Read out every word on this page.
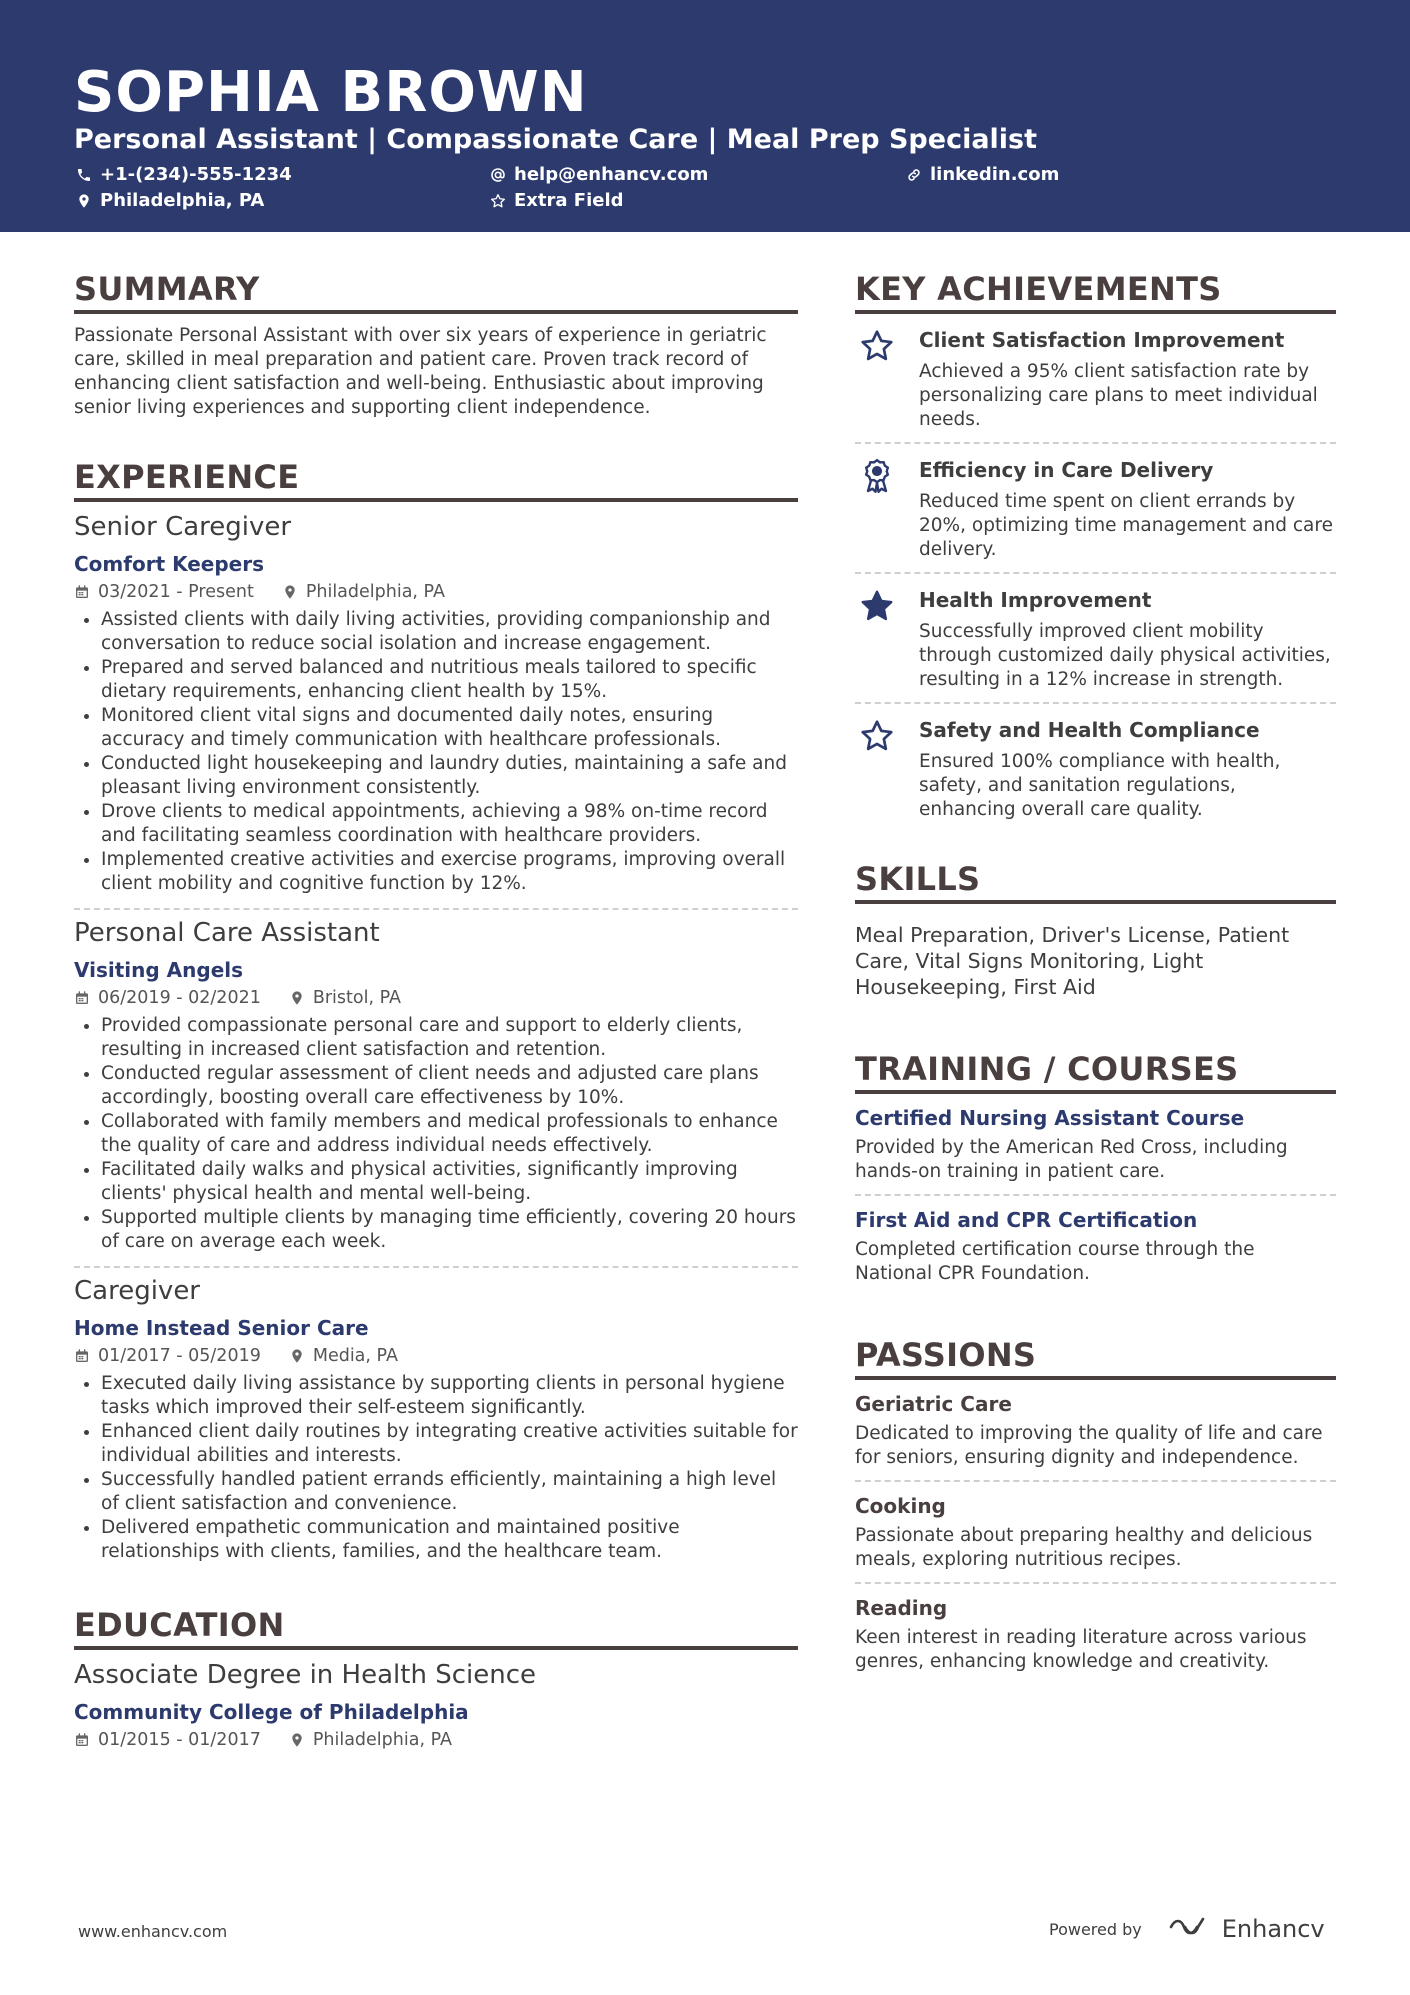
SOPHIA BROWN
Personal Assistant | Compassionate Care | Meal Prep Specialist
+1-(234)-555-1234	help@enhancv.com	linkedin.com
Philadelphia, PA	Extra Field
SUMMARY
Passionate Personal Assistant with over six years of experience in geriatric care, skilled in meal preparation and patient care. Proven track record of enhancing client satisfaction and well-being. Enthusiastic about improving senior living experiences and supporting client independence.
EXPERIENCE
Senior Caregiver
Comfort Keepers
03/2021 - Present	Philadelphia, PA
• Assisted clients with daily living activities, providing companionship and conversation to reduce social isolation and increase engagement.
• Prepared and served balanced and nutritious meals tailored to specific dietary requirements, enhancing client health by 15%.
• Monitored client vital signs and documented daily notes, ensuring accuracy and timely communication with healthcare professionals.
• Conducted light housekeeping and laundry duties, maintaining a safe and pleasant living environment consistently.
• Drove clients to medical appointments, achieving a 98% on-time record and facilitating seamless coordination with healthcare providers.
• Implemented creative activities and exercise programs, improving overall client mobility and cognitive function by 12%.
Personal Care Assistant
Visiting Angels
06/2019 - 02/2021	Bristol, PA
• Provided compassionate personal care and support to elderly clients, resulting in increased client satisfaction and retention.
• Conducted regular assessment of client needs and adjusted care plans accordingly, boosting overall care effectiveness by 10%.
• Collaborated with family members and medical professionals to enhance the quality of care and address individual needs effectively.
• Facilitated daily walks and physical activities, significantly improving clients' physical health and mental well-being.
• Supported multiple clients by managing time efficiently, covering 20 hours of care on average each week.
Caregiver
Home Instead Senior Care
01/2017 - 05/2019	Media, PA
• Executed daily living assistance by supporting clients in personal hygiene tasks which improved their self-esteem significantly.
• Enhanced client daily routines by integrating creative activities suitable for individual abilities and interests.
• Successfully handled patient errands efficiently, maintaining a high level of client satisfaction and convenience.
• Delivered empathetic communication and maintained positive relationships with clients, families, and the healthcare team.
EDUCATION
Associate Degree in Health Science
Community College of Philadelphia
01/2015 - 01/2017	Philadelphia, PA
KEY ACHIEVEMENTS
Client Satisfaction Improvement
Achieved a 95% client satisfaction rate by personalizing care plans to meet individual needs.
Efficiency in Care Delivery
Reduced time spent on client errands by 20%, optimizing time management and care delivery.
Health Improvement
Successfully improved client mobility through customized daily physical activities, resulting in a 12% increase in strength.
Safety and Health Compliance
Ensured 100% compliance with health, safety, and sanitation regulations, enhancing overall care quality.
SKILLS
Meal Preparation, Driver's License, Patient Care, Vital Signs Monitoring, Light Housekeeping, First Aid
TRAINING / COURSES
Certified Nursing Assistant Course
Provided by the American Red Cross, including hands-on training in patient care.
First Aid and CPR Certification
Completed certification course through the National CPR Foundation.
PASSIONS
Geriatric Care
Dedicated to improving the quality of life and care for seniors, ensuring dignity and independence.
Cooking
Passionate about preparing healthy and delicious meals, exploring nutritious recipes.
Reading
Keen interest in reading literature across various genres, enhancing knowledge and creativity.
www.enhancv.com	Powered by	Enhancv
